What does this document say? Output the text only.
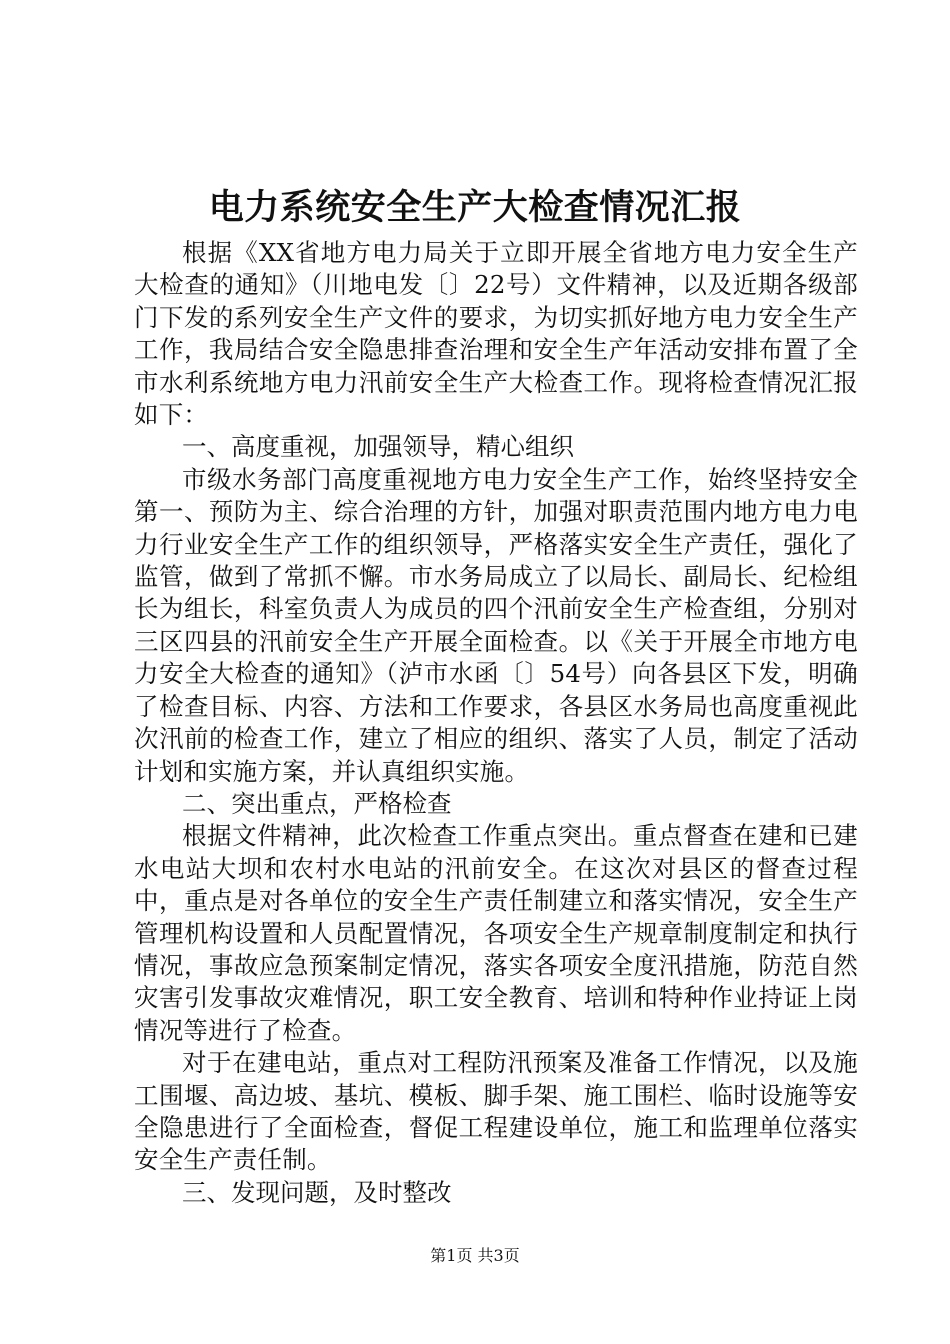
电力系统安全生产大检查情况汇报

根据《XX省地方电力局关于立即开展全省地方电力安全生产大检查的通知》（川地电发〔〕22号）文件精神，以及近期各级部门下发的系列安全生产文件的要求，为切实抓好地方电力安全生产工作，我局结合安全隐患排查治理和安全生产年活动安排布置了全市水利系统地方电力汛前安全生产大检查工作。现将检查情况汇报如下：

一、高度重视，加强领导，精心组织

市级水务部门高度重视地方电力安全生产工作，始终坚持安全第一、预防为主、综合治理的方针，加强对职责范围内地方电力电力行业安全生产工作的组织领导，严格落实安全生产责任，强化了监管，做到了常抓不懈。市水务局成立了以局长、副局长、纪检组长为组长，科室负责人为成员的四个汛前安全生产检查组，分别对三区四县的汛前安全生产开展全面检查。以《关于开展全市地方电力安全大检查的通知》（泸市水函〔〕54号）向各县区下发，明确了检查目标、内容、方法和工作要求，各县区水务局也高度重视此次汛前的检查工作，建立了相应的组织、落实了人员，制定了活动计划和实施方案，并认真组织实施。

二、突出重点，严格检查

根据文件精神，此次检查工作重点突出。重点督查在建和已建水电站大坝和农村水电站的汛前安全。在这次对县区的督查过程中，重点是对各单位的安全生产责任制建立和落实情况，安全生产管理机构设置和人员配置情况，各项安全生产规章制度制定和执行情况，事故应急预案制定情况，落实各项安全度汛措施，防范自然灾害引发事故灾难情况，职工安全教育、培训和特种作业持证上岗情况等进行了检查。

对于在建电站，重点对工程防汛预案及准备工作情况，以及施工围堰、高边坡、基坑、模板、脚手架、施工围栏、临时设施等安全隐患进行了全面检查，督促工程建设单位，施工和监理单位落实安全生产责任制。

三、发现问题，及时整改

第1页 共3页
